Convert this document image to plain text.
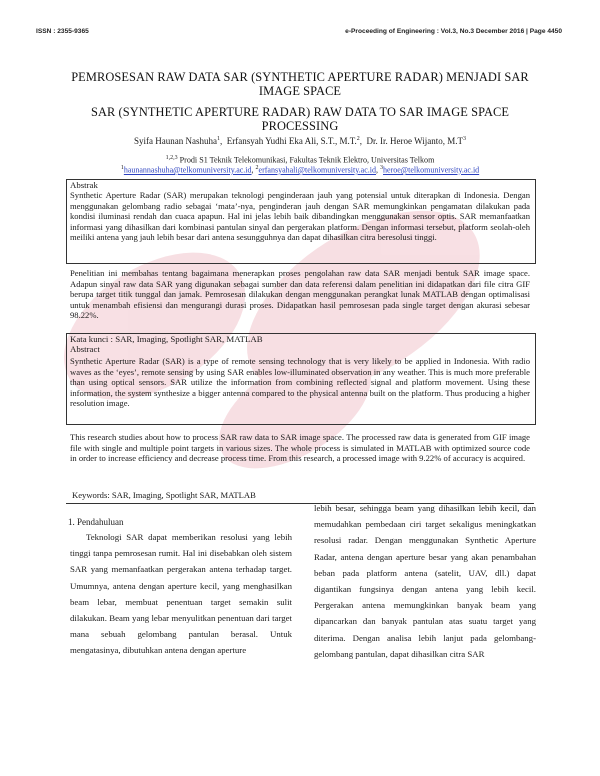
ISSN : 2355-9365	e-Proceeding of Engineering : Vol.3, No.3 December 2016 | Page 4450
PEMROSESAN RAW DATA SAR (SYNTHETIC APERTURE RADAR) MENJADI SAR IMAGE SPACE
SAR (SYNTHETIC APERTURE RADAR) RAW DATA TO SAR IMAGE SPACE PROCESSING
Syifa Haunan Nashuha$^1$,  Erfansyah Yudhi Eka Ali, S.T., M.T.$^2$,  Dr. Ir. Heroe Wijanto, $M.T^3$
$^{1,2,3}$ Prodi S1 Teknik Telekomunikasi, Fakultas Teknik Elektro, Universitas Telkom
$^1$haunannashuha@telkomuniversity.ac.id, $^2$erfansyahali@telkomuniversity.ac.id, $^3$heroe@telkomuniversity.ac.id
Abstrak

Synthetic Aperture Radar (SAR) merupakan teknologi penginderaan jauh yang potensial untuk diterapkan di Indonesia. Dengan menggunakan gelombang radio sebagai ‘mata’-nya, penginderan jauh dengan SAR memungkinkan pengamatan dilakukan pada kondisi iluminasi rendah dan cuaca apapun. Hal ini jelas lebih baik dibandingkan menggunakan sensor optis. SAR memanfaatkan informasi yang dihasilkan dari kombinasi pantulan sinyal dan pergerakan platform. Dengan informasi tersebut, platform seolah-oleh meiliki antena yang jauh lebih besar dari antena sesungguhnya dan dapat dihasilkan citra beresolusi tinggi.

Penelitian ini membahas tentang bagaimana menerapkan proses pengolahan raw data SAR menjadi bentuk SAR image space. Adapun sinyal raw data SAR yang digunakan sebagai sumber dan data referensi dalam penelitian ini didapatkan dari file citra GIF berupa target titik tunggal dan jamak. Pemrosesan dilakukan dengan menggunakan perangkat lunak MATLAB dengan optimalisasi untuk menambah efisiensi dan mengurangi durasi proses. Didapatkan hasil pemrosesan pada single target dengan akurasi sebesar 98.22%.

Kata kunci : SAR, Imaging, Spotlight SAR, MATLAB
Abstract

Synthetic Aperture Radar (SAR) is a type of remote sensing technology that is very likely to be applied in Indonesia. With radio waves as the ‘eyes’, remote sensing by using SAR enables low-illuminated observation in any weather. This is much more preferable than using optical sensors. SAR utilize the information from combining reflected signal and platform movement. Using these information, the system synthesize a bigger antenna compared to the physical antenna built on the platform. Thus producing a higher resolution image.

This research studies about how to process SAR raw data to SAR image space. The processed raw data is generated from GIF image file with single and multiple point targets in various sizes. The whole process is simulated in MATLAB with optimized source code in order to increase efficiency and decrease process time. From this research, a processed image with 9.22% of accuracy is acquired.

Keywords: SAR, Imaging, Spotlight SAR, MATLAB
1. Pendahuluan

Teknologi SAR dapat memberikan resolusi yang lebih tinggi tanpa pemrosesan rumit. Hal ini disebabkan oleh sistem SAR yang memanfaatkan pergerakan antena terhadap target. Umumnya, antena dengan aperture kecil, yang menghasilkan beam lebar, membuat penentuan target semakin sulit dilakukan. Beam yang lebar menyulitkan penentuan dari target mana sebuah gelombang pantulan berasal. Untuk mengatasinya, dibutuhkan antena dengan aperture

lebih besar, sehingga beam yang dihasilkan lebih kecil, dan memudahkan pembedaan ciri target sekaligus meningkatkan resolusi radar. Dengan menggunakan Synthetic Aperture Radar, antena dengan aperture besar yang akan penambahan beban pada platform antena (satelit, UAV, dll.) dapat digantikan fungsinya dengan antena yang lebih kecil. Pergerakan antena memungkinkan banyak beam yang dipancarkan dan banyak pantulan atas suatu target yang diterima. Dengan analisa lebih lanjut pada gelombang-gelombang pantulan, dapat dihasilkan citra SAR
